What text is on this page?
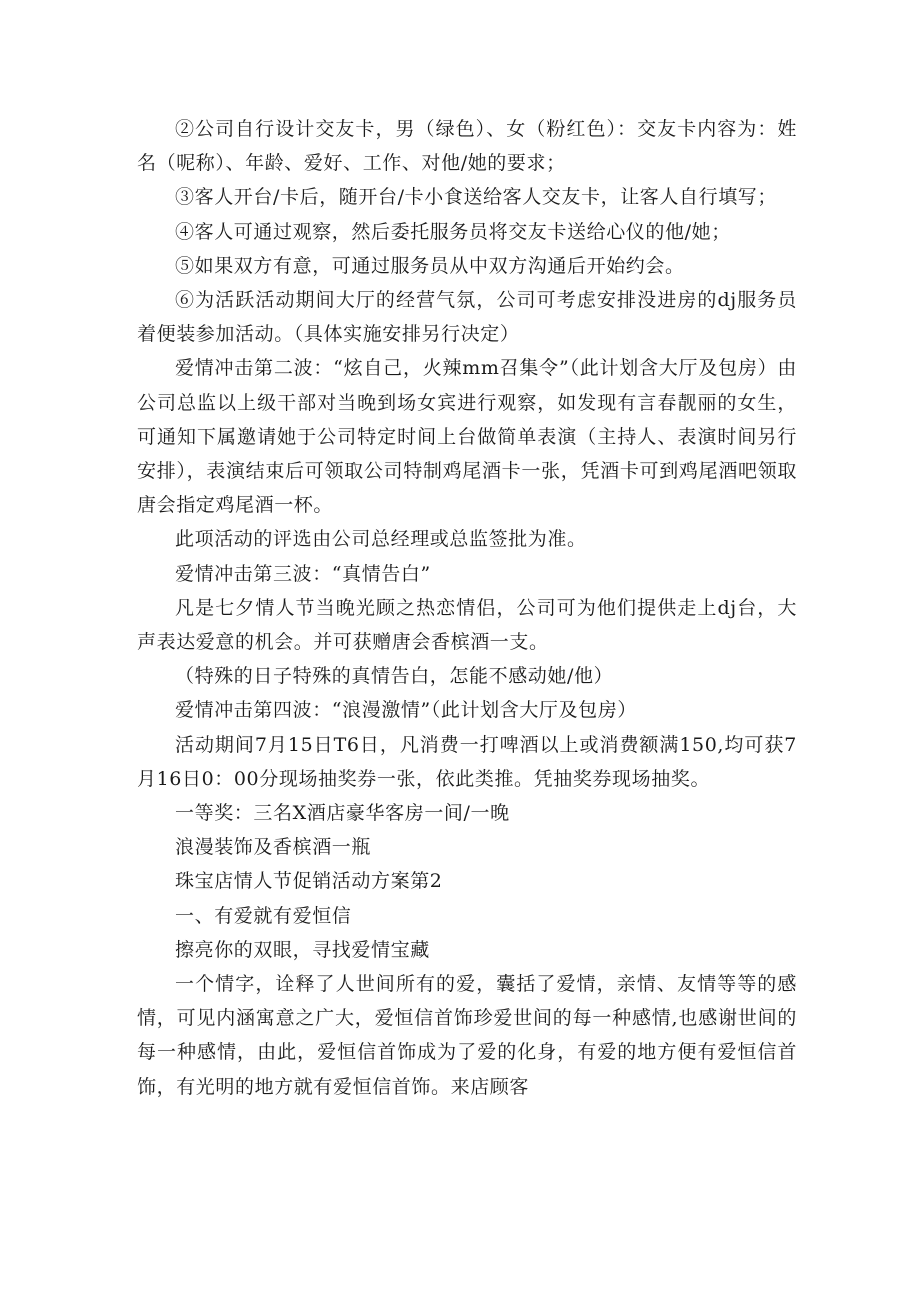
②公司自行设计交友卡，男（绿色）、女（粉红色）：交友卡内容为：姓名（呢称）、年龄、爱好、工作、对他/她的要求；

③客人开台/卡后，随开台/卡小食送给客人交友卡，让客人自行填写；

④客人可通过观察，然后委托服务员将交友卡送给心仪的他/她；

⑤如果双方有意，可通过服务员从中双方沟通后开始约会。

⑥为活跃活动期间大厅的经营气氛，公司可考虑安排没进房的dj服务员着便装参加活动。（具体实施安排另行决定）

爱情冲击第二波：“炫自己，火辣mm召集令”（此计划含大厅及包房）由公司总监以上级干部对当晚到场女宾进行观察，如发现有言春靓丽的女生，可通知下属邀请她于公司特定时间上台做简单表演（主持人、表演时间另行安排），表演结束后可领取公司特制鸡尾酒卡一张，凭酒卡可到鸡尾酒吧领取唐会指定鸡尾酒一杯。

此项活动的评选由公司总经理或总监签批为准。

爱情冲击第三波：“真情告白”

凡是七夕情人节当晚光顾之热恋情侣，公司可为他们提供走上dj台，大声表达爱意的机会。并可获赠唐会香槟酒一支。

（特殊的日子特殊的真情告白，怎能不感动她/他）

爱情冲击第四波：“浪漫激情”（此计划含大厅及包房）

活动期间7月15日T6日，凡消费一打啤酒以上或消费额满150,均可获7月16日0：00分现场抽奖券一张，依此类推。凭抽奖券现场抽奖。

一等奖：三名X酒店豪华客房一间/一晚

浪漫装饰及香槟酒一瓶

珠宝店情人节促销活动方案第2

一、有爱就有爱恒信

擦亮你的双眼，寻找爱情宝藏

一个情字，诠释了人世间所有的爱，囊括了爱情，亲情、友情等等的感情，可见内涵寓意之广大，爱恒信首饰珍爱世间的每一种感情,也感谢世间的每一种感情，由此，爱恒信首饰成为了爱的化身，有爱的地方便有爱恒信首饰，有光明的地方就有爱恒信首饰。来店顾客
